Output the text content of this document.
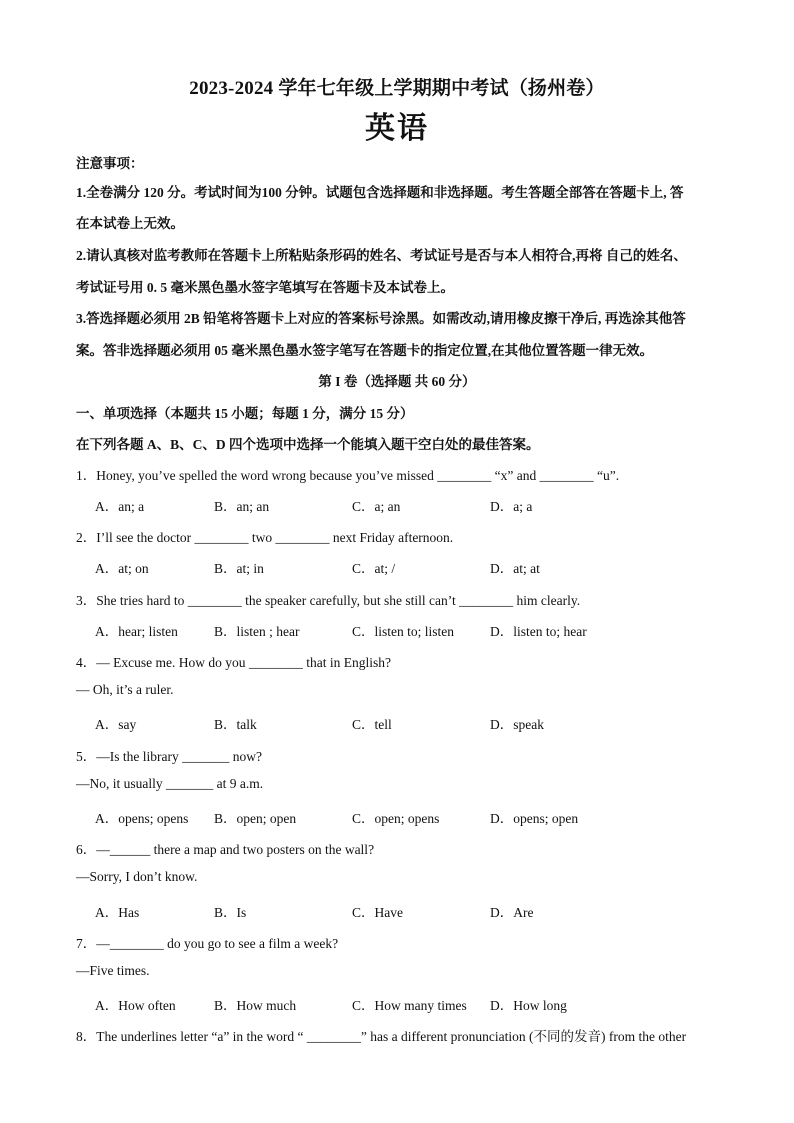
2023-2024 学年七年级上学期期中考试（扬州卷）
英语
注意事项：
1.全卷满分 120 分。考试时间为100 分钟。试题包含选择题和非选择题。考生答题全部答在答题卡上, 答
在本试卷上无效。
2.请认真核对监考教师在答题卡上所粘贴条形码的姓名、考试证号是否与本人相符合,再将 自己的姓名、
考试证号用 0. 5 毫米黑色墨水签字笔填写在答题卡及本试卷上。
3.答选择题必须用 2B 铅笔将答题卡上对应的答案标号涂黑。如需改动,请用橡皮擦干净后, 再选涂其他答
案。答非选择题必须用 05 毫米黑色墨水签字笔写在答题卡的指定位置,在其他位置答题一律无效。
第 I 卷（选择题 共 60 分）
一、单项选择（本题共 15 小题；每题 1 分，满分 15 分）
在下列各题 A、B、C、D 四个选项中选择一个能填入题干空白处的最佳答案。
1．Honey, you’ve spelled the word wrong because you’ve missed ________ “x” and ________ “u”.
A．an; a	B．an; an	C．a; an	D．a; a
2．I’ll see the doctor ________ two ________ next Friday afternoon.
A．at; on	B．at; in	C．at; /	D．at; at
3．She tries hard to ________ the speaker carefully, but she still can’t ________ him clearly.
A．hear; listen	B．listen ; hear	C．listen to; listen	D．listen to; hear
4．— Excuse me. How do you ________ that in English?
— Oh, it’s a ruler.
A．say	B．talk	C．tell	D．speak
5．—Is the library _______ now?
—No, it usually _______ at 9 a.m.
A．opens; opens B．open; open	C．open; opens	D．opens; open
6．—______ there a map and two posters on the wall?
—Sorry, I don’t know.
A．Has	B．Is	C．Have	D．Are
7．—________ do you go to see a film a week?
—Five times.
A．How often	B．How much	C．How many times D．How long
8．The underlines letter “a” in the word “ ________” has a different pronunciation (不同的发音) from the other
